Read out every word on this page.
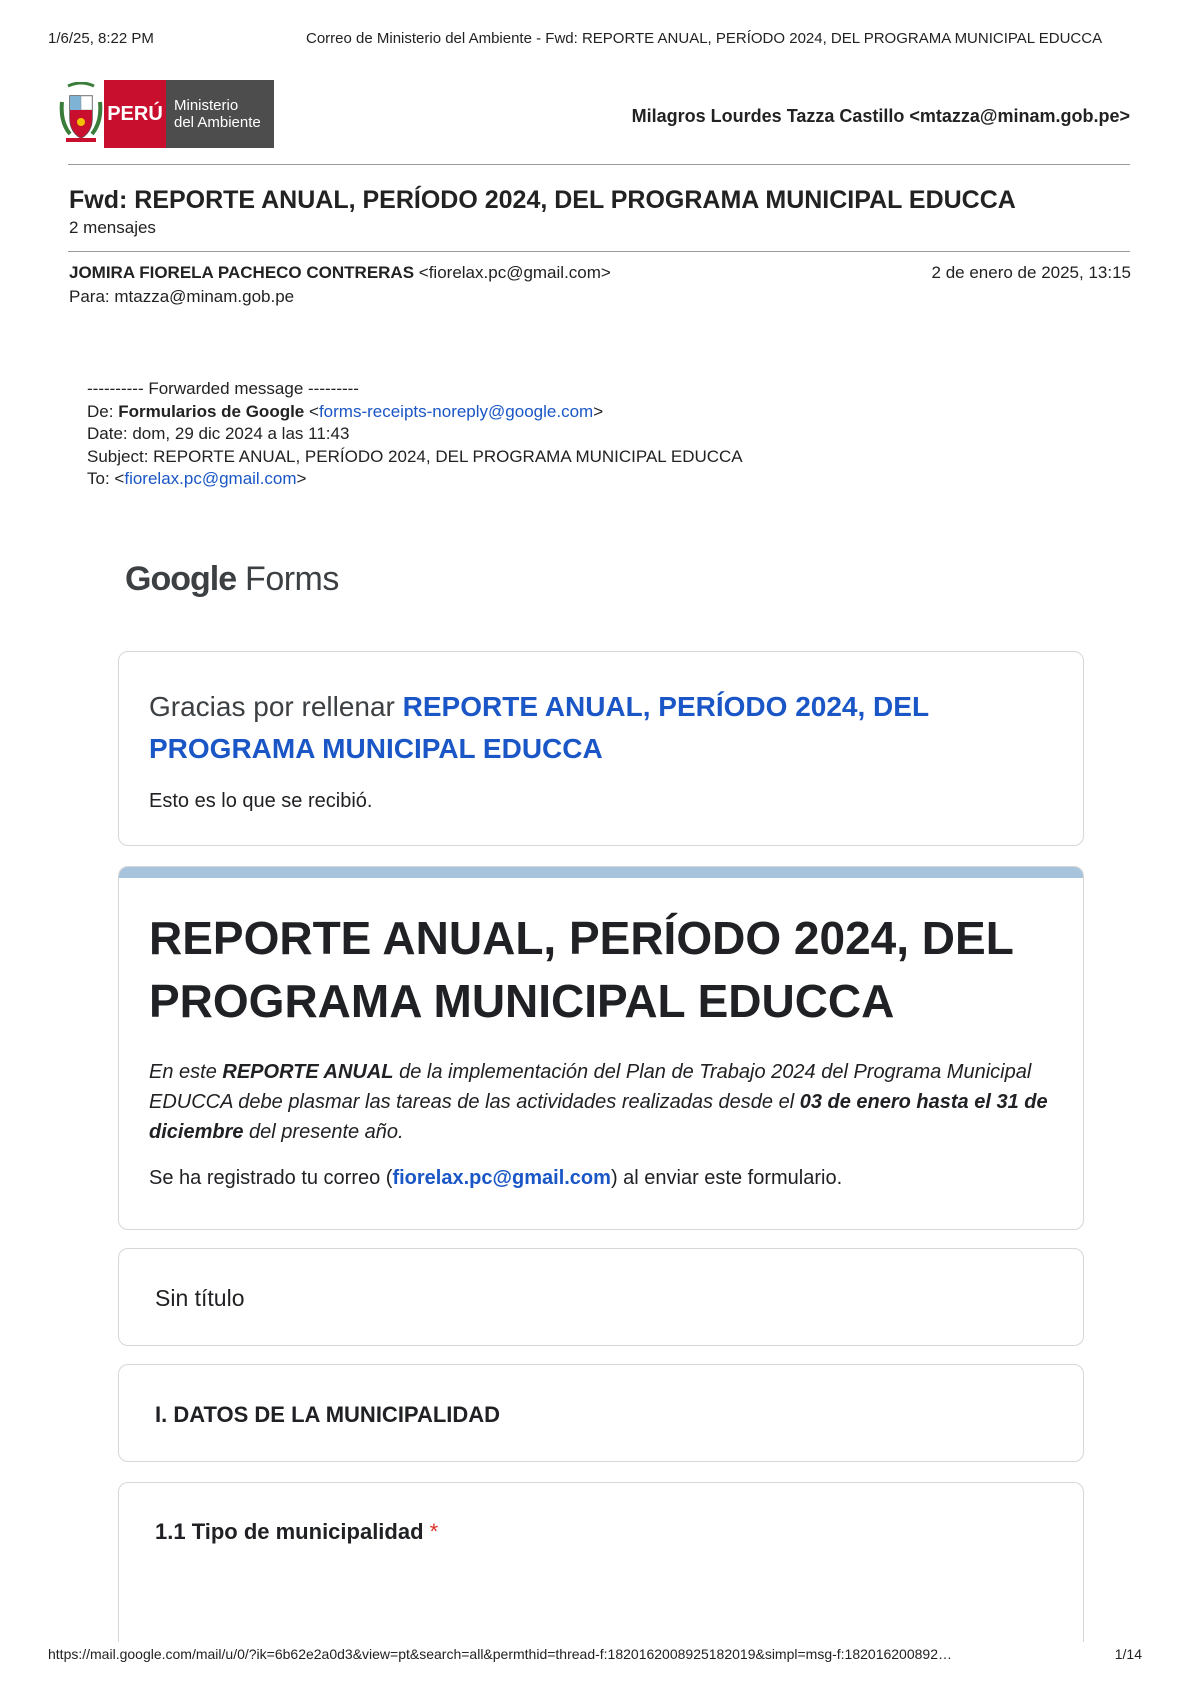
1/6/25, 8:22 PM	Correo de Ministerio del Ambiente - Fwd: REPORTE ANUAL, PERÍODO 2024, DEL PROGRAMA MUNICIPAL EDUCCA
PERÚ Ministerio
del Ambiente	Milagros Lourdes Tazza Castillo <mtazza@minam.gob.pe>
Fwd: REPORTE ANUAL, PERÍODO 2024, DEL PROGRAMA MUNICIPAL EDUCCA
2 mensajes
JOMIRA FIORELA PACHECO CONTRERAS <fiorelax.pc@gmail.com>	2 de enero de 2025, 13:15
Para: mtazza@minam.gob.pe
---------- Forwarded message ---------
De: Formularios de Google <forms-receipts-noreply@google.com>
Date: dom, 29 dic 2024 a las 11:43
Subject: REPORTE ANUAL, PERÍODO 2024, DEL PROGRAMA MUNICIPAL EDUCCA
To: <fiorelax.pc@gmail.com>
Google Forms
Gracias por rellenar REPORTE ANUAL, PERÍODO 2024, DEL PROGRAMA MUNICIPAL EDUCCA
Esto es lo que se recibió.
REPORTE ANUAL, PERÍODO 2024, DEL PROGRAMA MUNICIPAL EDUCCA
En este REPORTE ANUAL de la implementación del Plan de Trabajo 2024 del Programa Municipal EDUCCA debe plasmar las tareas de las actividades realizadas desde el 03 de enero hasta el 31 de diciembre del presente año.
Se ha registrado tu correo (fiorelax.pc@gmail.com) al enviar este formulario.
Sin título
I. DATOS DE LA MUNICIPALIDAD
1.1 Tipo de municipalidad *
https://mail.google.com/mail/u/0/?ik=6b62e2a0d3&view=pt&search=all&permthid=thread-f:1820162008925182019&simpl=msg-f:182016200892…	1/14
